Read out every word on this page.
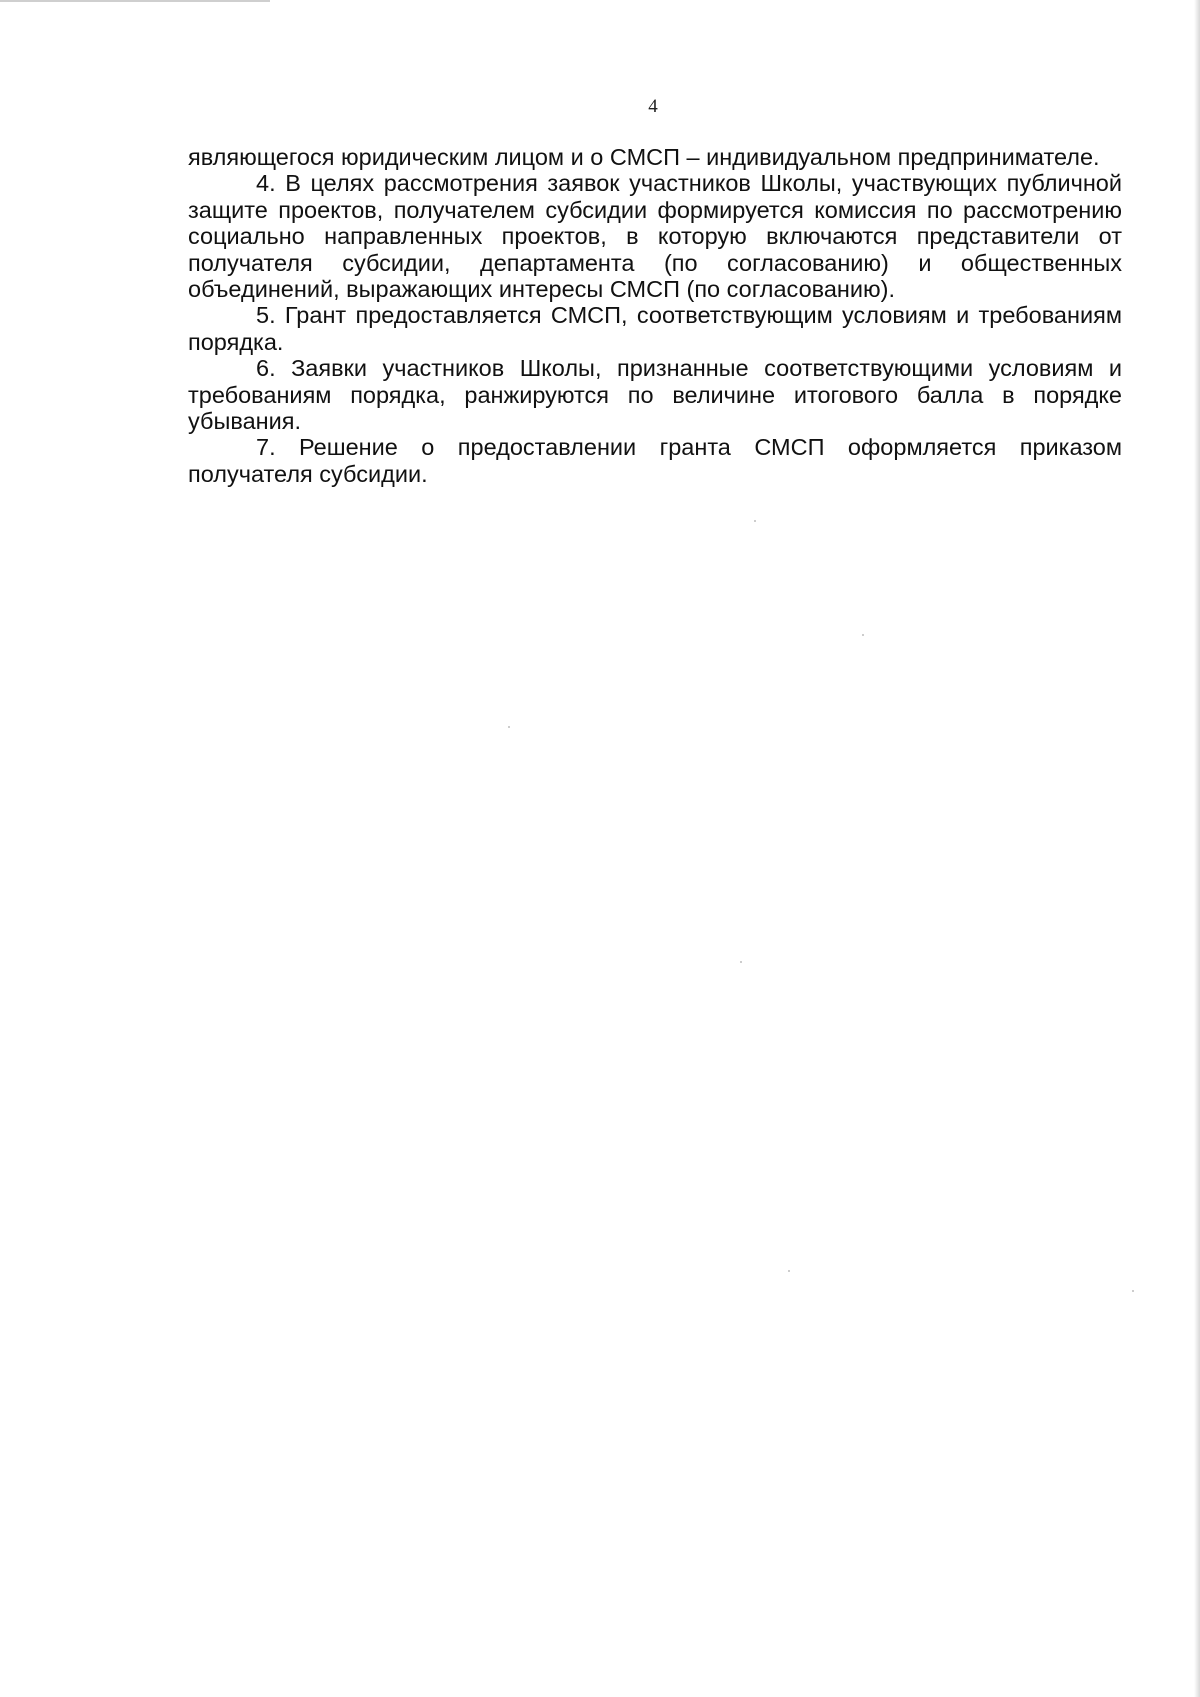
4

являющегося юридическим лицом и о СМСП – индивидуальном предпринимателе.

4. В целях рассмотрения заявок участников Школы, участвующих публичной защите проектов, получателем субсидии формируется комиссия по рассмотрению социально направленных проектов, в которую включаются представители от получателя субсидии, департамента (по согласованию) и общественных объединений, выражающих интересы СМСП (по согласованию).

5. Грант предоставляется СМСП, соответствующим условиям и требованиям порядка.

6. Заявки участников Школы, признанные соответствующими условиям и требованиям порядка, ранжируются по величине итогового балла в порядке убывания.

7. Решение о предоставлении гранта СМСП оформляется приказом получателя субсидии.
